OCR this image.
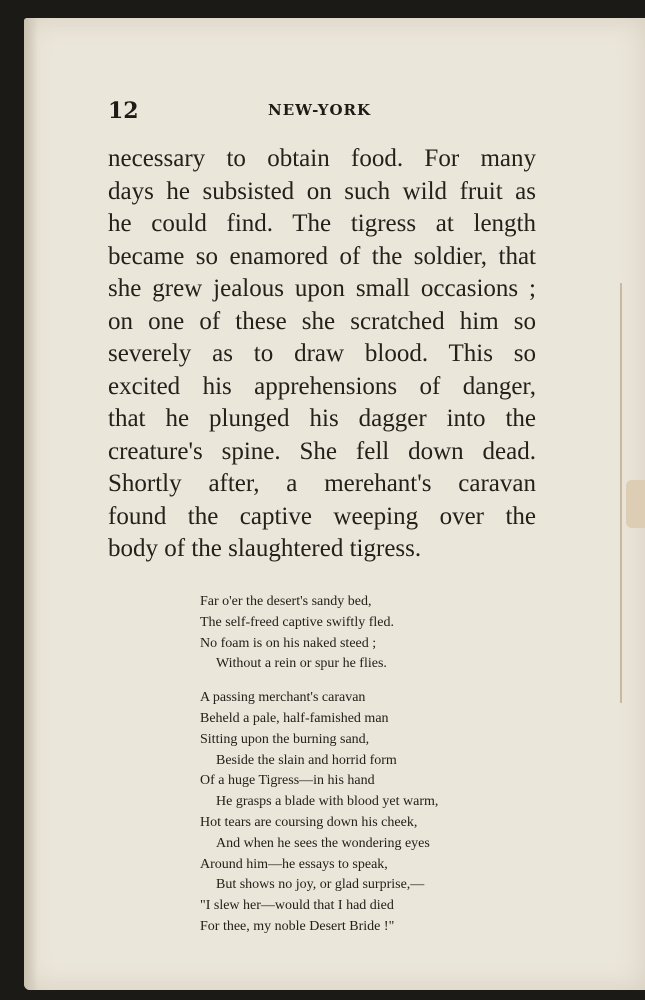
12	NEW-YORK
necessary to obtain food. For many
days he subsisted on such wild fruit as
he could find. The tigress at length
became so enamored of the soldier, that
she grew jealous upon small occasions ;
on one of these she scratched him so
severely as to draw blood. This so
excited his apprehensions of danger,
that he plunged his dagger into the
creature's spine. She fell down dead.
Shortly after, a merehant's caravan
found the captive weeping over the
body of the slaughtered tigress.
Far o'er the desert's sandy bed,
The self-freed captive swiftly fled.
No foam is on his naked steed ;
Without a rein or spur he flies.
A passing merchant's caravan
Beheld a pale, half-famished man
Sitting upon the burning sand,
Beside the slain and horrid form
Of a huge Tigress—in his hand
He grasps a blade with blood yet warm,
Hot tears are coursing down his cheek,
And when he sees the wondering eyes
Around him—he essays to speak,
But shows no joy, or glad surprise,—
"I slew her—would that I had died
For thee, my noble Desert Bride !"
